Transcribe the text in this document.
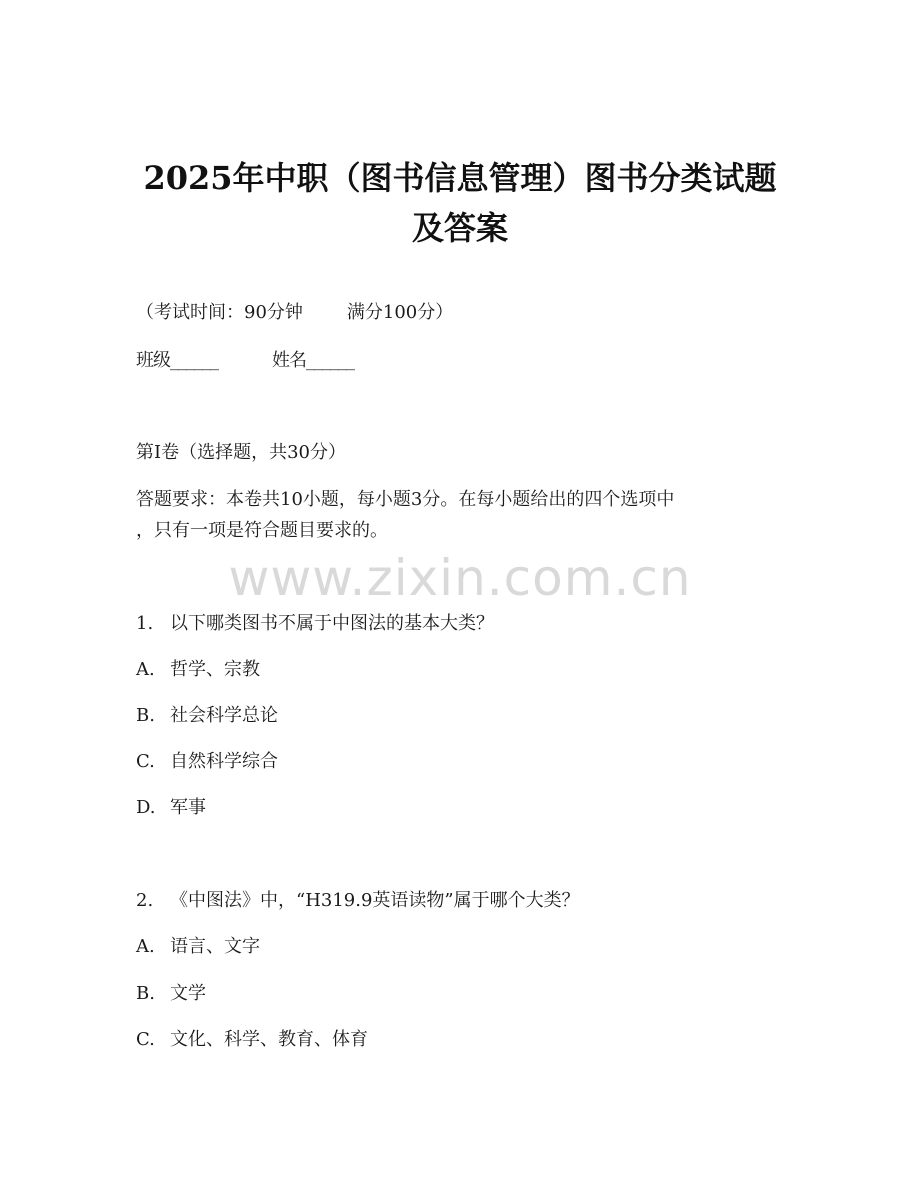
2025年中职（图书信息管理）图书分类试题
及答案
（考试时间：90分钟 满分100分）
班级______	姓名______
第I卷（选择题，共30分）
答题要求：本卷共10小题，每小题3分。在每小题给出的四个选项中
，只有一项是符合题目要求的。
www.zixin.com.cn
1. 以下哪类图书不属于中图法的基本大类？
A. 哲学、宗教
B. 社会科学总论
C. 自然科学综合
D. 军事
2. 《中图法》中，“H319.9英语读物”属于哪个大类？
A. 语言、文字
B. 文学
C. 文化、科学、教育、体育
